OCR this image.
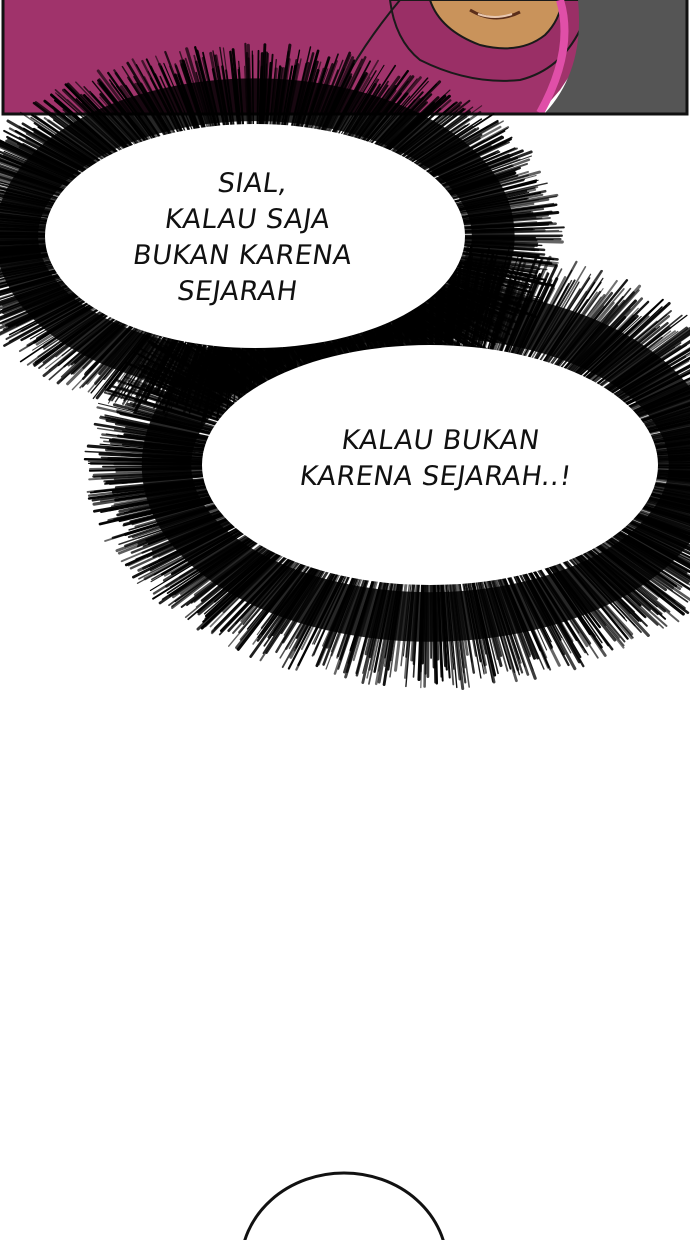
SIAL,
KALAU SAJA
BUKAN KARENA
SEJARAH
KALAU BUKAN
KARENA SEJARAH..!
